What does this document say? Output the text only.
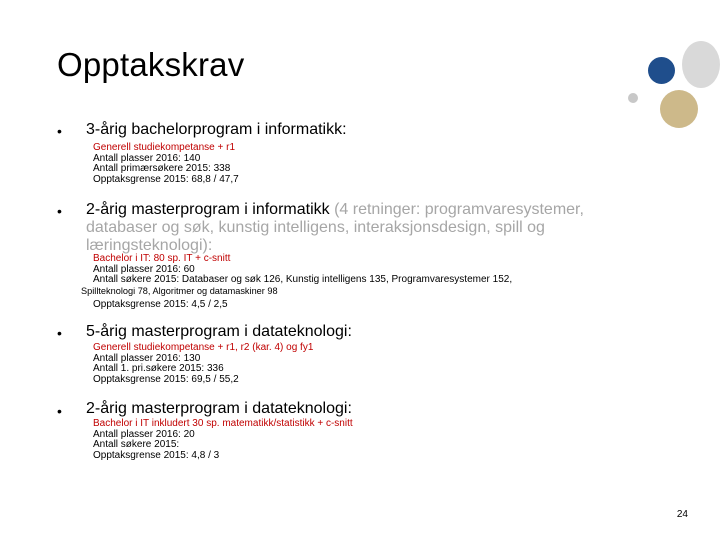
Opptakskrav
• 3-årig bachelorprogram i informatikk:
Generell studiekompetanse + r1
Antall plasser 2016: 140
Antall primærsøkere 2015: 338
Opptaksgrense 2015: 68,8 / 47,7
• 2-årig masterprogram i informatikk (4 retninger: programvaresystemer, databaser og søk, kunstig intelligens, interaksjonsdesign, spill og læringsteknologi):
Bachelor i IT: 80 sp. IT + c-snitt
Antall plasser 2016: 60
Antall søkere 2015: Databaser og søk 126, Kunstig intelligens 135, Programvaresystemer 152,
Spillteknologi 78, Algoritmer og datamaskiner 98
Opptaksgrense 2015: 4,5 / 2,5
• 5-årig masterprogram i datateknologi:
Generell studiekompetanse + r1, r2 (kar. 4) og fy1
Antall plasser 2016: 130
Antall 1. pri.søkere 2015: 336
Opptaksgrense 2015: 69,5 / 55,2
• 2-årig masterprogram i datateknologi:
Bachelor i IT inkludert 30 sp. matematikk/statistikk + c-snitt
Antall plasser 2016: 20
Antall søkere 2015:
Opptaksgrense 2015: 4,8 / 3
24
